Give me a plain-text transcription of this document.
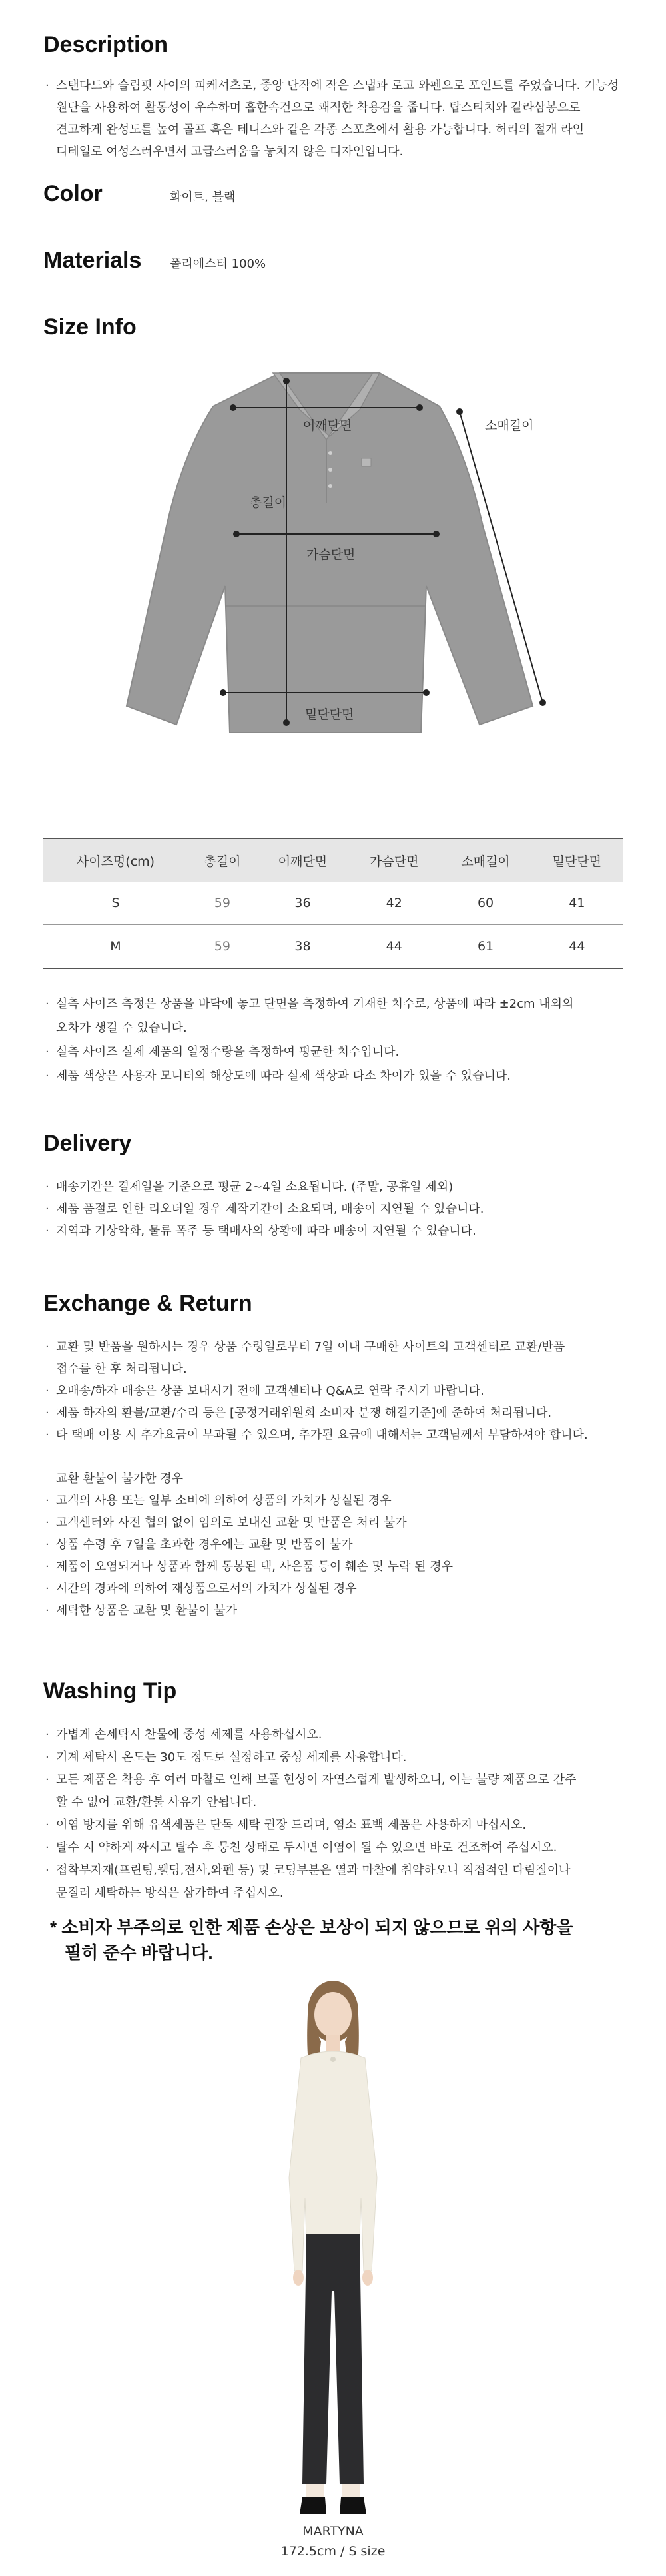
Description
· 스탠다드와 슬림핏 사이의 피케셔츠로, 중앙 단작에 작은 스냅과 로고 와펜으로 포인트를 주었습니다. 기능성
원단을 사용하여 활동성이 우수하며 흡한속건으로 쾌적한 착용감을 줍니다. 탑스티치와 갈라삼봉으로
견고하게 완성도를 높여 골프 혹은 테니스와 같은 각종 스포츠에서 활용 가능합니다. 허리의 절개 라인
디테일로 여성스러우면서 고급스러움을 놓치지 않은 디자인입니다.
Color	화이트, 블랙
Materials 폴리에스터 100%
Size Info
어깨단면	소매길이
총길이
가슴단면
밑단단면
사이즈명(cm)	총길이	어깨단면	가슴단면	소매길이	밑단단면
S	59	36	42	60	41
M	59	38	44	61	44
· 실측 사이즈 측정은 상품을 바닥에 놓고 단면을 측정하여 기재한 치수로, 상품에 따라 ±2cm 내외의
오차가 생길 수 있습니다.
· 실측 사이즈 실제 제품의 일정수량을 측정하여 평균한 치수입니다.
· 제품 색상은 사용자 모니터의 해상도에 따라 실제 색상과 다소 차이가 있을 수 있습니다.
Delivery
· 배송기간은 결제일을 기준으로 평균 2~4일 소요됩니다. (주말, 공휴일 제외)
· 제품 품절로 인한 리오더일 경우 제작기간이 소요되며, 배송이 지연될 수 있습니다.
· 지역과 기상악화, 물류 폭주 등 택배사의 상황에 따라 배송이 지연될 수 있습니다.
Exchange & Return
· 교환 및 반품을 원하시는 경우 상품 수령일로부터 7일 이내 구매한 사이트의 고객센터로 교환/반품
접수를 한 후 처리됩니다.
· 오배송/하자 배송은 상품 보내시기 전에 고객센터나 Q&A로 연락 주시기 바랍니다.
· 제품 하자의 환불/교환/수리 등은 [공정거래위원회 소비자 분쟁 해결기준]에 준하여 처리됩니다.
· 타 택배 이용 시 추가요금이 부과될 수 있으며, 추가된 요금에 대해서는 고객님께서 부담하셔야 합니다.
교환 환불이 불가한 경우
· 고객의 사용 또는 일부 소비에 의하여 상품의 가치가 상실된 경우
· 고객센터와 사전 협의 없이 임의로 보내신 교환 및 반품은 처리 불가
· 상품 수령 후 7일을 초과한 경우에는 교환 및 반품이 불가
· 제품이 오염되거나 상품과 함께 동봉된 택, 사은품 등이 훼손 및 누락 된 경우
· 시간의 경과에 의하여 재상품으로서의 가치가 상실된 경우
· 세탁한 상품은 교환 및 환불이 불가
Washing Tip
· 가볍게 손세탁시 찬물에 중성 세제를 사용하십시오.
· 기계 세탁시 온도는 30도 정도로 설정하고 중성 세제를 사용합니다.
· 모든 제품은 착용 후 여러 마찰로 인해 보풀 현상이 자연스럽게 발생하오니, 이는 불량 제품으로 간주
할 수 없어 교환/환불 사유가 안됩니다.
· 이염 방지를 위해 유색제품은 단독 세탁 권장 드리며, 염소 표백 제품은 사용하지 마십시오.
· 탈수 시 약하게 짜시고 탈수 후 뭉친 상태로 두시면 이염이 될 수 있으면 바로 건조하여 주십시오.
· 접착부자재(프린팅,웰딩,전사,와펜 등) 및 코딩부분은 열과 마찰에 취약하오니 직접적인 다림질이나
문질러 세탁하는 방식은 삼가하여 주십시오.
* 소비자 부주의로 인한 제품 손상은 보상이 되지 않으므로 위의 사항을
필히 준수 바랍니다.
MARTYNA
172.5cm / S size
